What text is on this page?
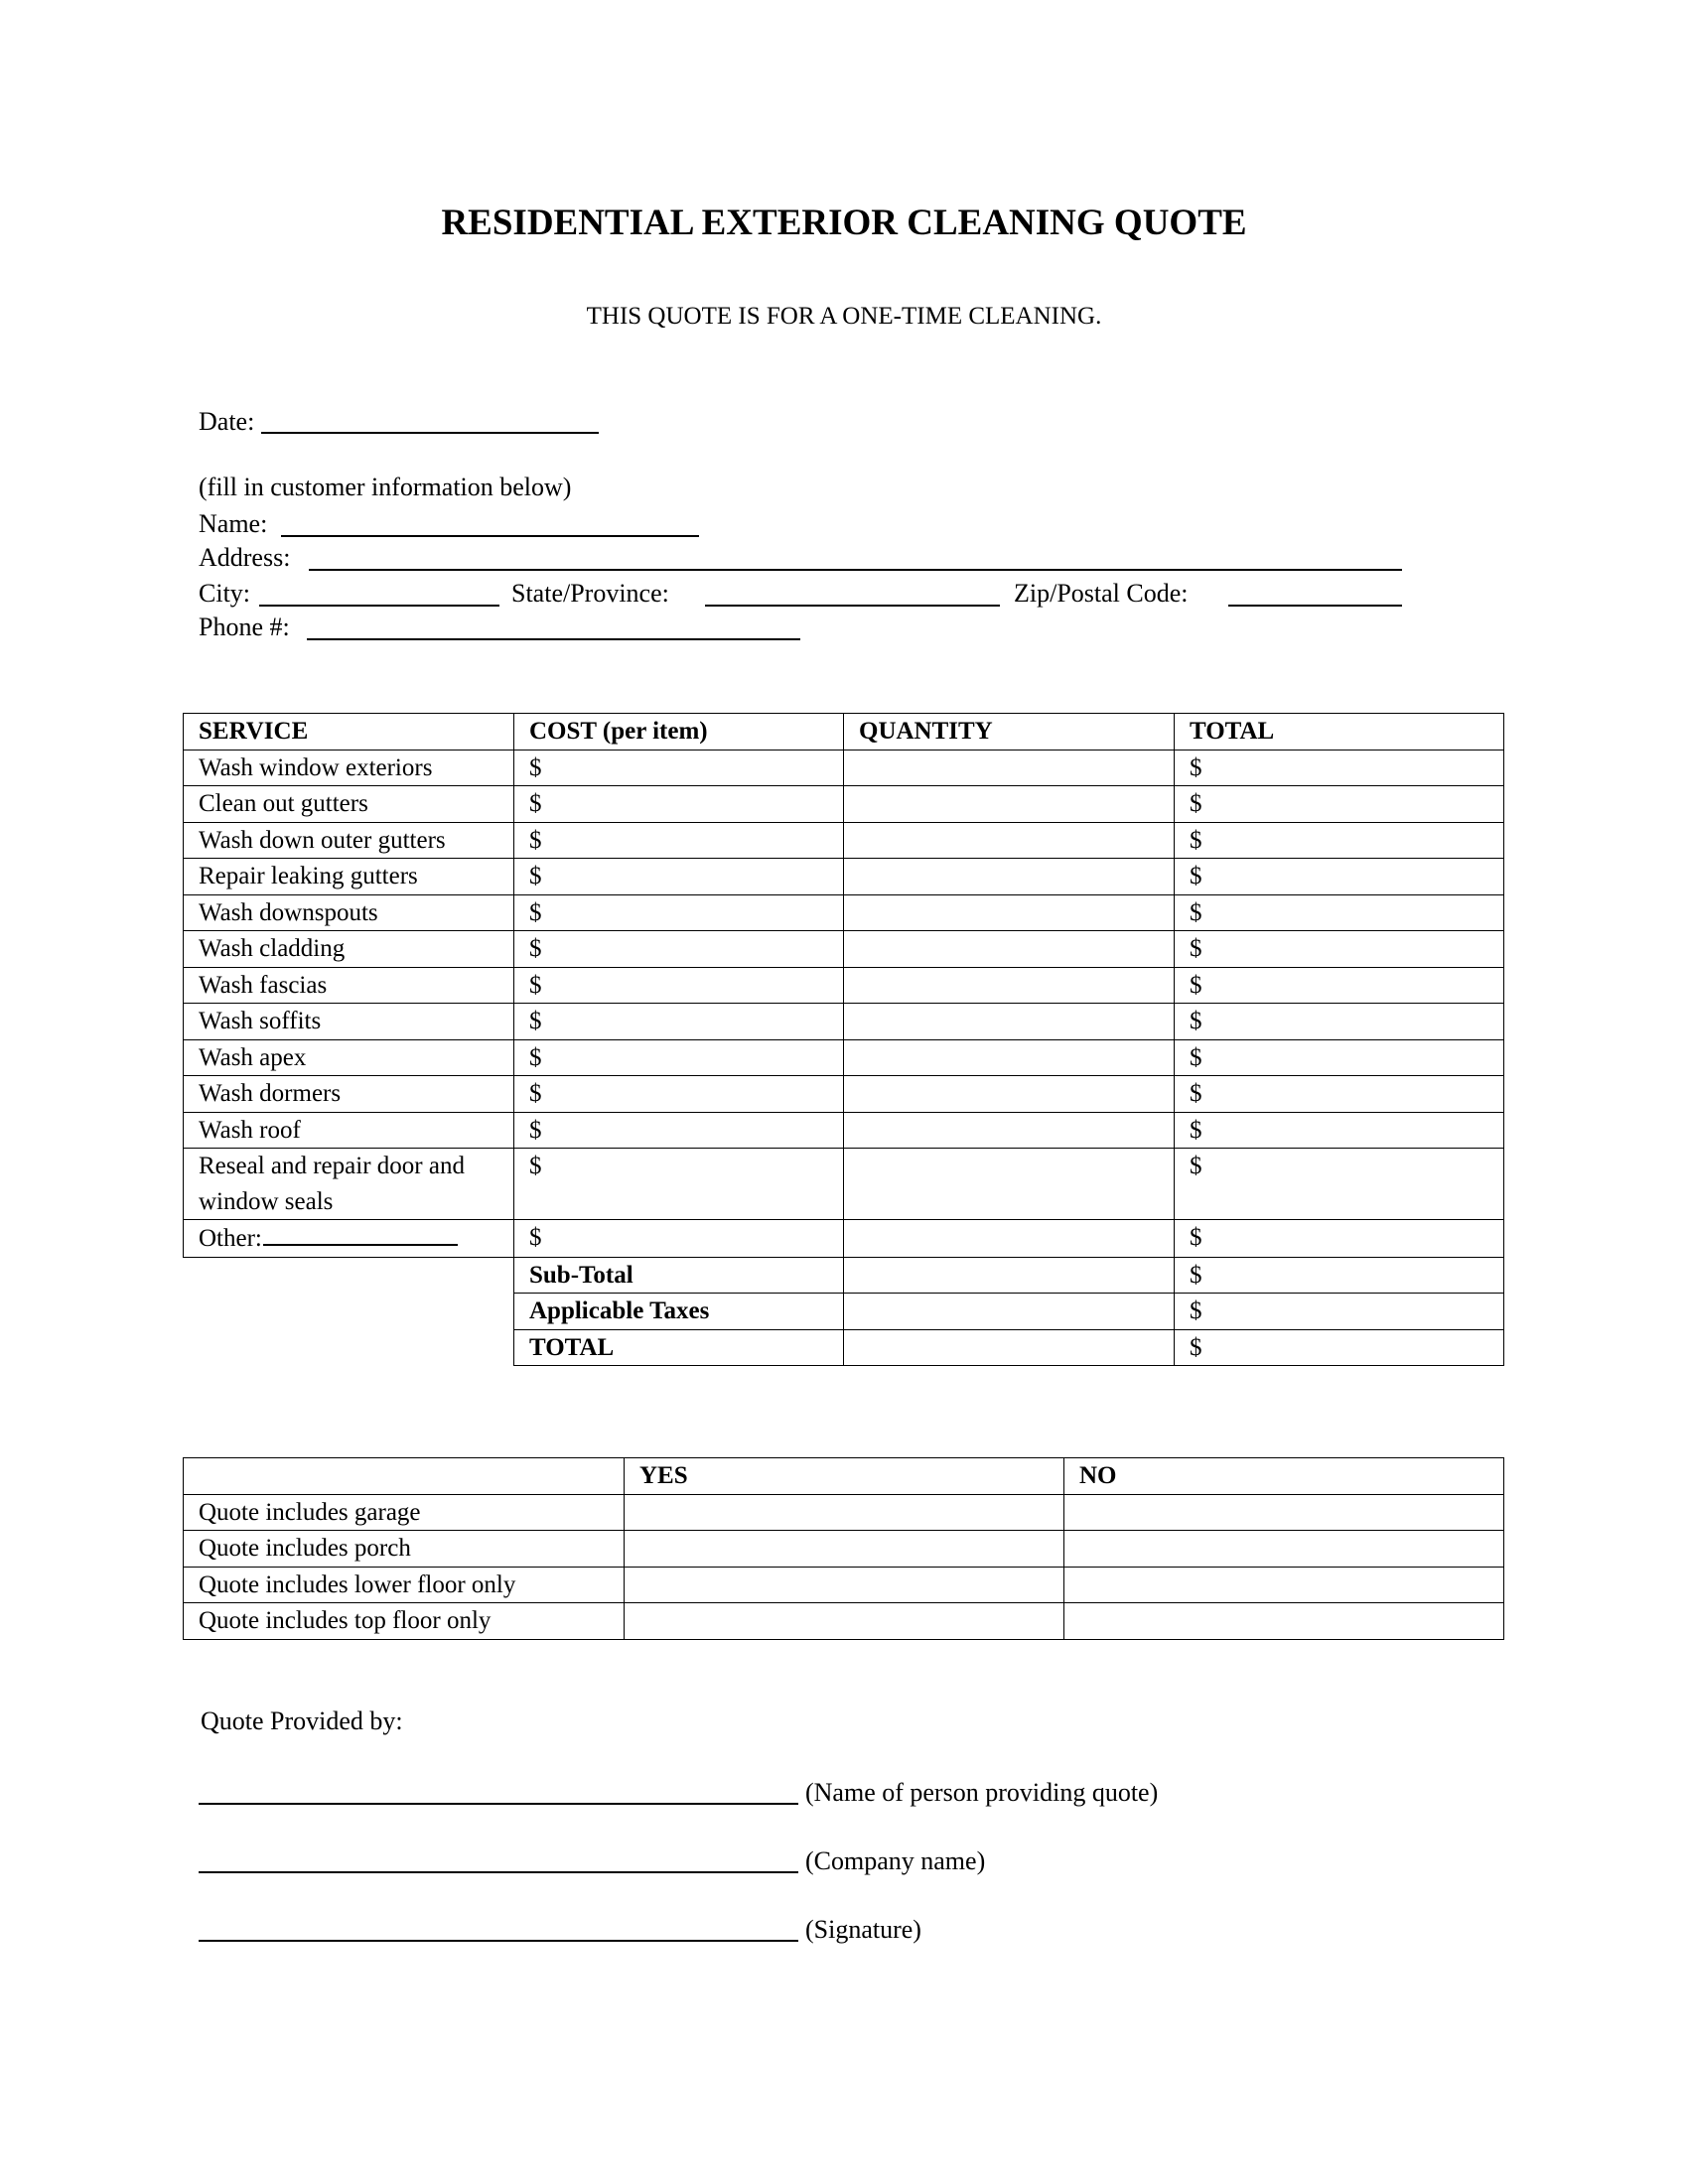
RESIDENTIAL EXTERIOR CLEANING QUOTE
THIS QUOTE IS FOR A ONE-TIME CLEANING.
Date:
(fill in customer information below)
Name:
Address:
City:	State/Province:	Zip/Postal Code:
Phone #:
SERVICE	COST (per item)	QUANTITY	TOTAL
Wash window exteriors	$		$
Clean out gutters	$		$
Wash down outer gutters	$		$
Repair leaking gutters	$		$
Wash downspouts	$		$
Wash cladding	$		$
Wash fascias	$		$
Wash soffits	$		$
Wash apex	$		$
Wash dormers	$		$
Wash roof	$		$
Reseal and repair door and window seals	$		$
Other:	$		$
	Sub-Total		$
	Applicable Taxes		$
	TOTAL		$
	YES	NO
Quote includes garage		
Quote includes porch		
Quote includes lower floor only		
Quote includes top floor only		
Quote Provided by:
(Name of person providing quote)
(Company name)
(Signature)
